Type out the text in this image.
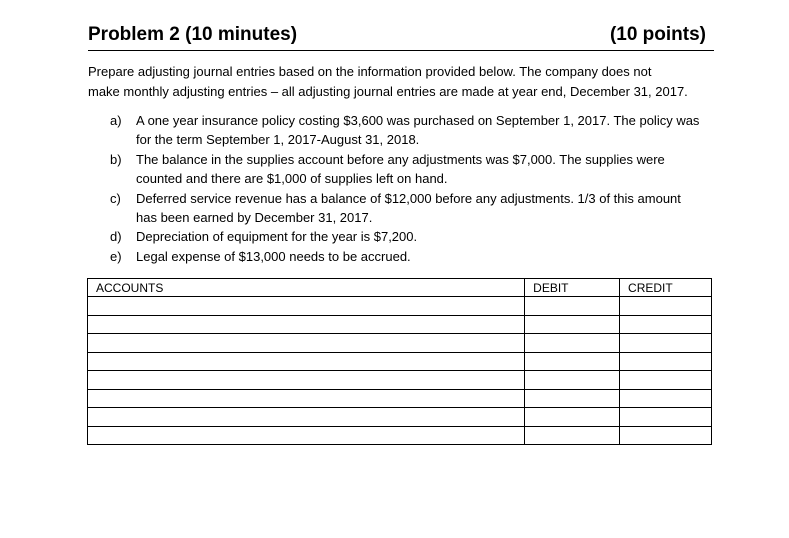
Problem 2 (10 minutes)	(10 points)
Prepare adjusting journal entries based on the information provided below. The company does not
make monthly adjusting entries – all adjusting journal entries are made at year end, December 31, 2017.
a) A one year insurance policy costing $3,600 was purchased on September 1, 2017. The policy was
for the term September 1, 2017-August 31, 2018.
b) The balance in the supplies account before any adjustments was $7,000. The supplies were
counted and there are $1,000 of supplies left on hand.
c) Deferred service revenue has a balance of $12,000 before any adjustments. 1/3 of this amount
has been earned by December 31, 2017.
d) Depreciation of equipment for the year is $7,200.
e) Legal expense of $13,000 needs to be accrued.
ACCOUNTS	DEBIT	CREDIT
